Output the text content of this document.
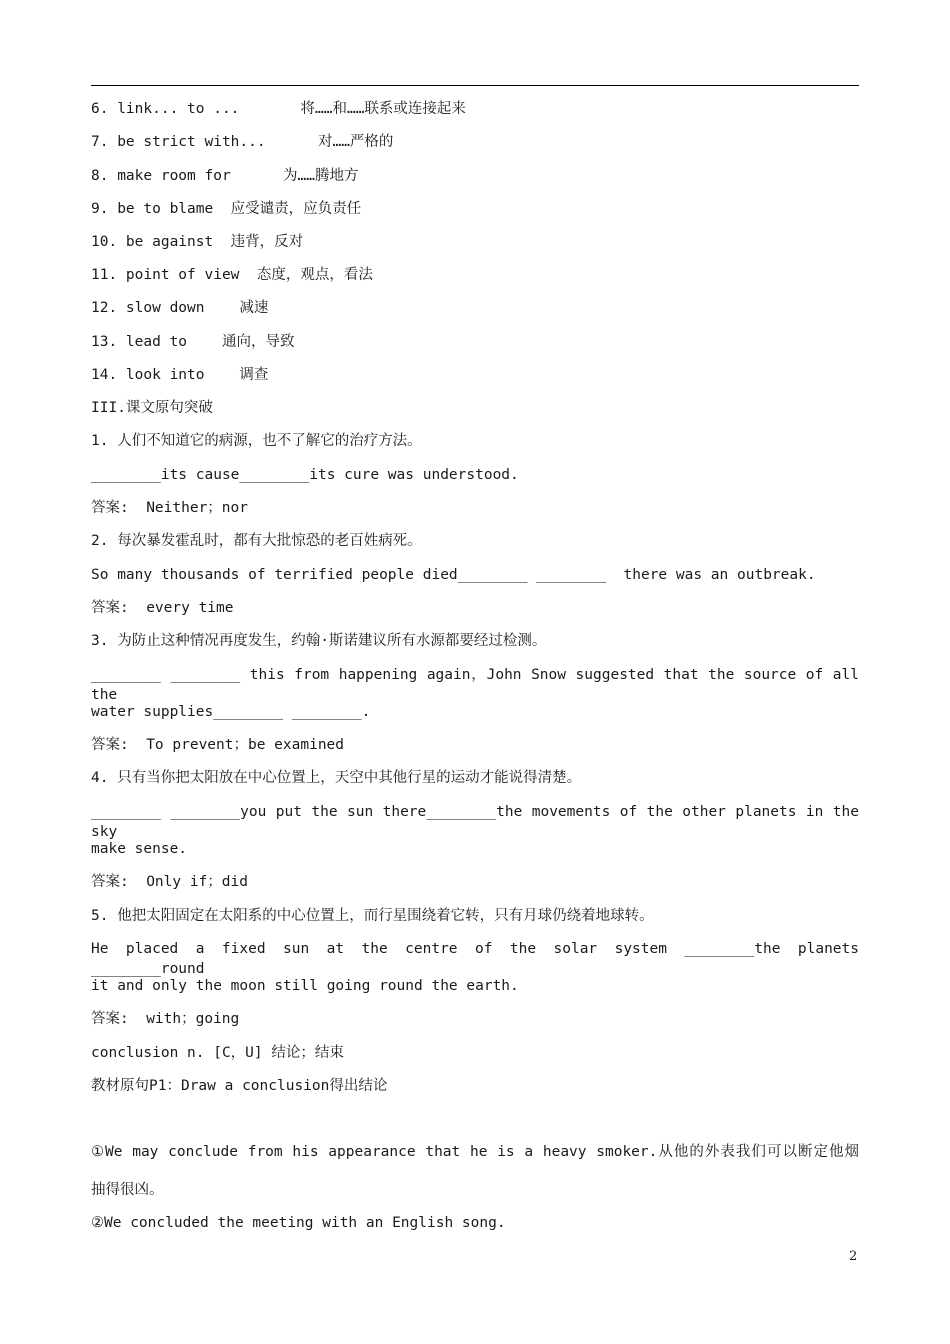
6. link... to ...       将……和……联系或连接起来
7. be strict with...      对……严格的
8. make room for      为……腾地方
9. be to blame  应受谴责，应负责任
10. be against  违背，反对
11. point of view  态度，观点，看法
12. slow down    减速
13. lead to    通向，导致
14. look into    调查
III.课文原句突破
1. 人们不知道它的病源，也不了解它的治疗方法。
________its cause________its cure was understood.
答案:  Neither；nor
2. 每次暴发霍乱时，都有大批惊恐的老百姓病死。
So many thousands of terrified people died________ ________  there was an outbreak.
答案:  every time
3. 为防止这种情况再度发生，约翰·斯诺建议所有水源都要经过检测。
________ ________ this from happening again，John Snow suggested that the source of all the
water supplies________ ________.
答案:  To prevent；be examined
4. 只有当你把太阳放在中心位置上，天空中其他行星的运动才能说得清楚。
________ ________you put the sun there________the movements of the other planets in the sky
make sense.
答案:  Only if；did
5. 他把太阳固定在太阳系的中心位置上，而行星围绕着它转，只有月球仍绕着地球转。
He placed a fixed sun at the centre of the solar system ________the planets ________round
it and only the moon still going round the earth.
答案:  with；going
conclusion n. [C，U] 结论；结束
教材原句P1：Draw a conclusion得出结论
①We may conclude from his appearance that he is a heavy smoker.从他的外表我们可以断定他烟
抽得很凶。
②We concluded the meeting with an English song.
2
